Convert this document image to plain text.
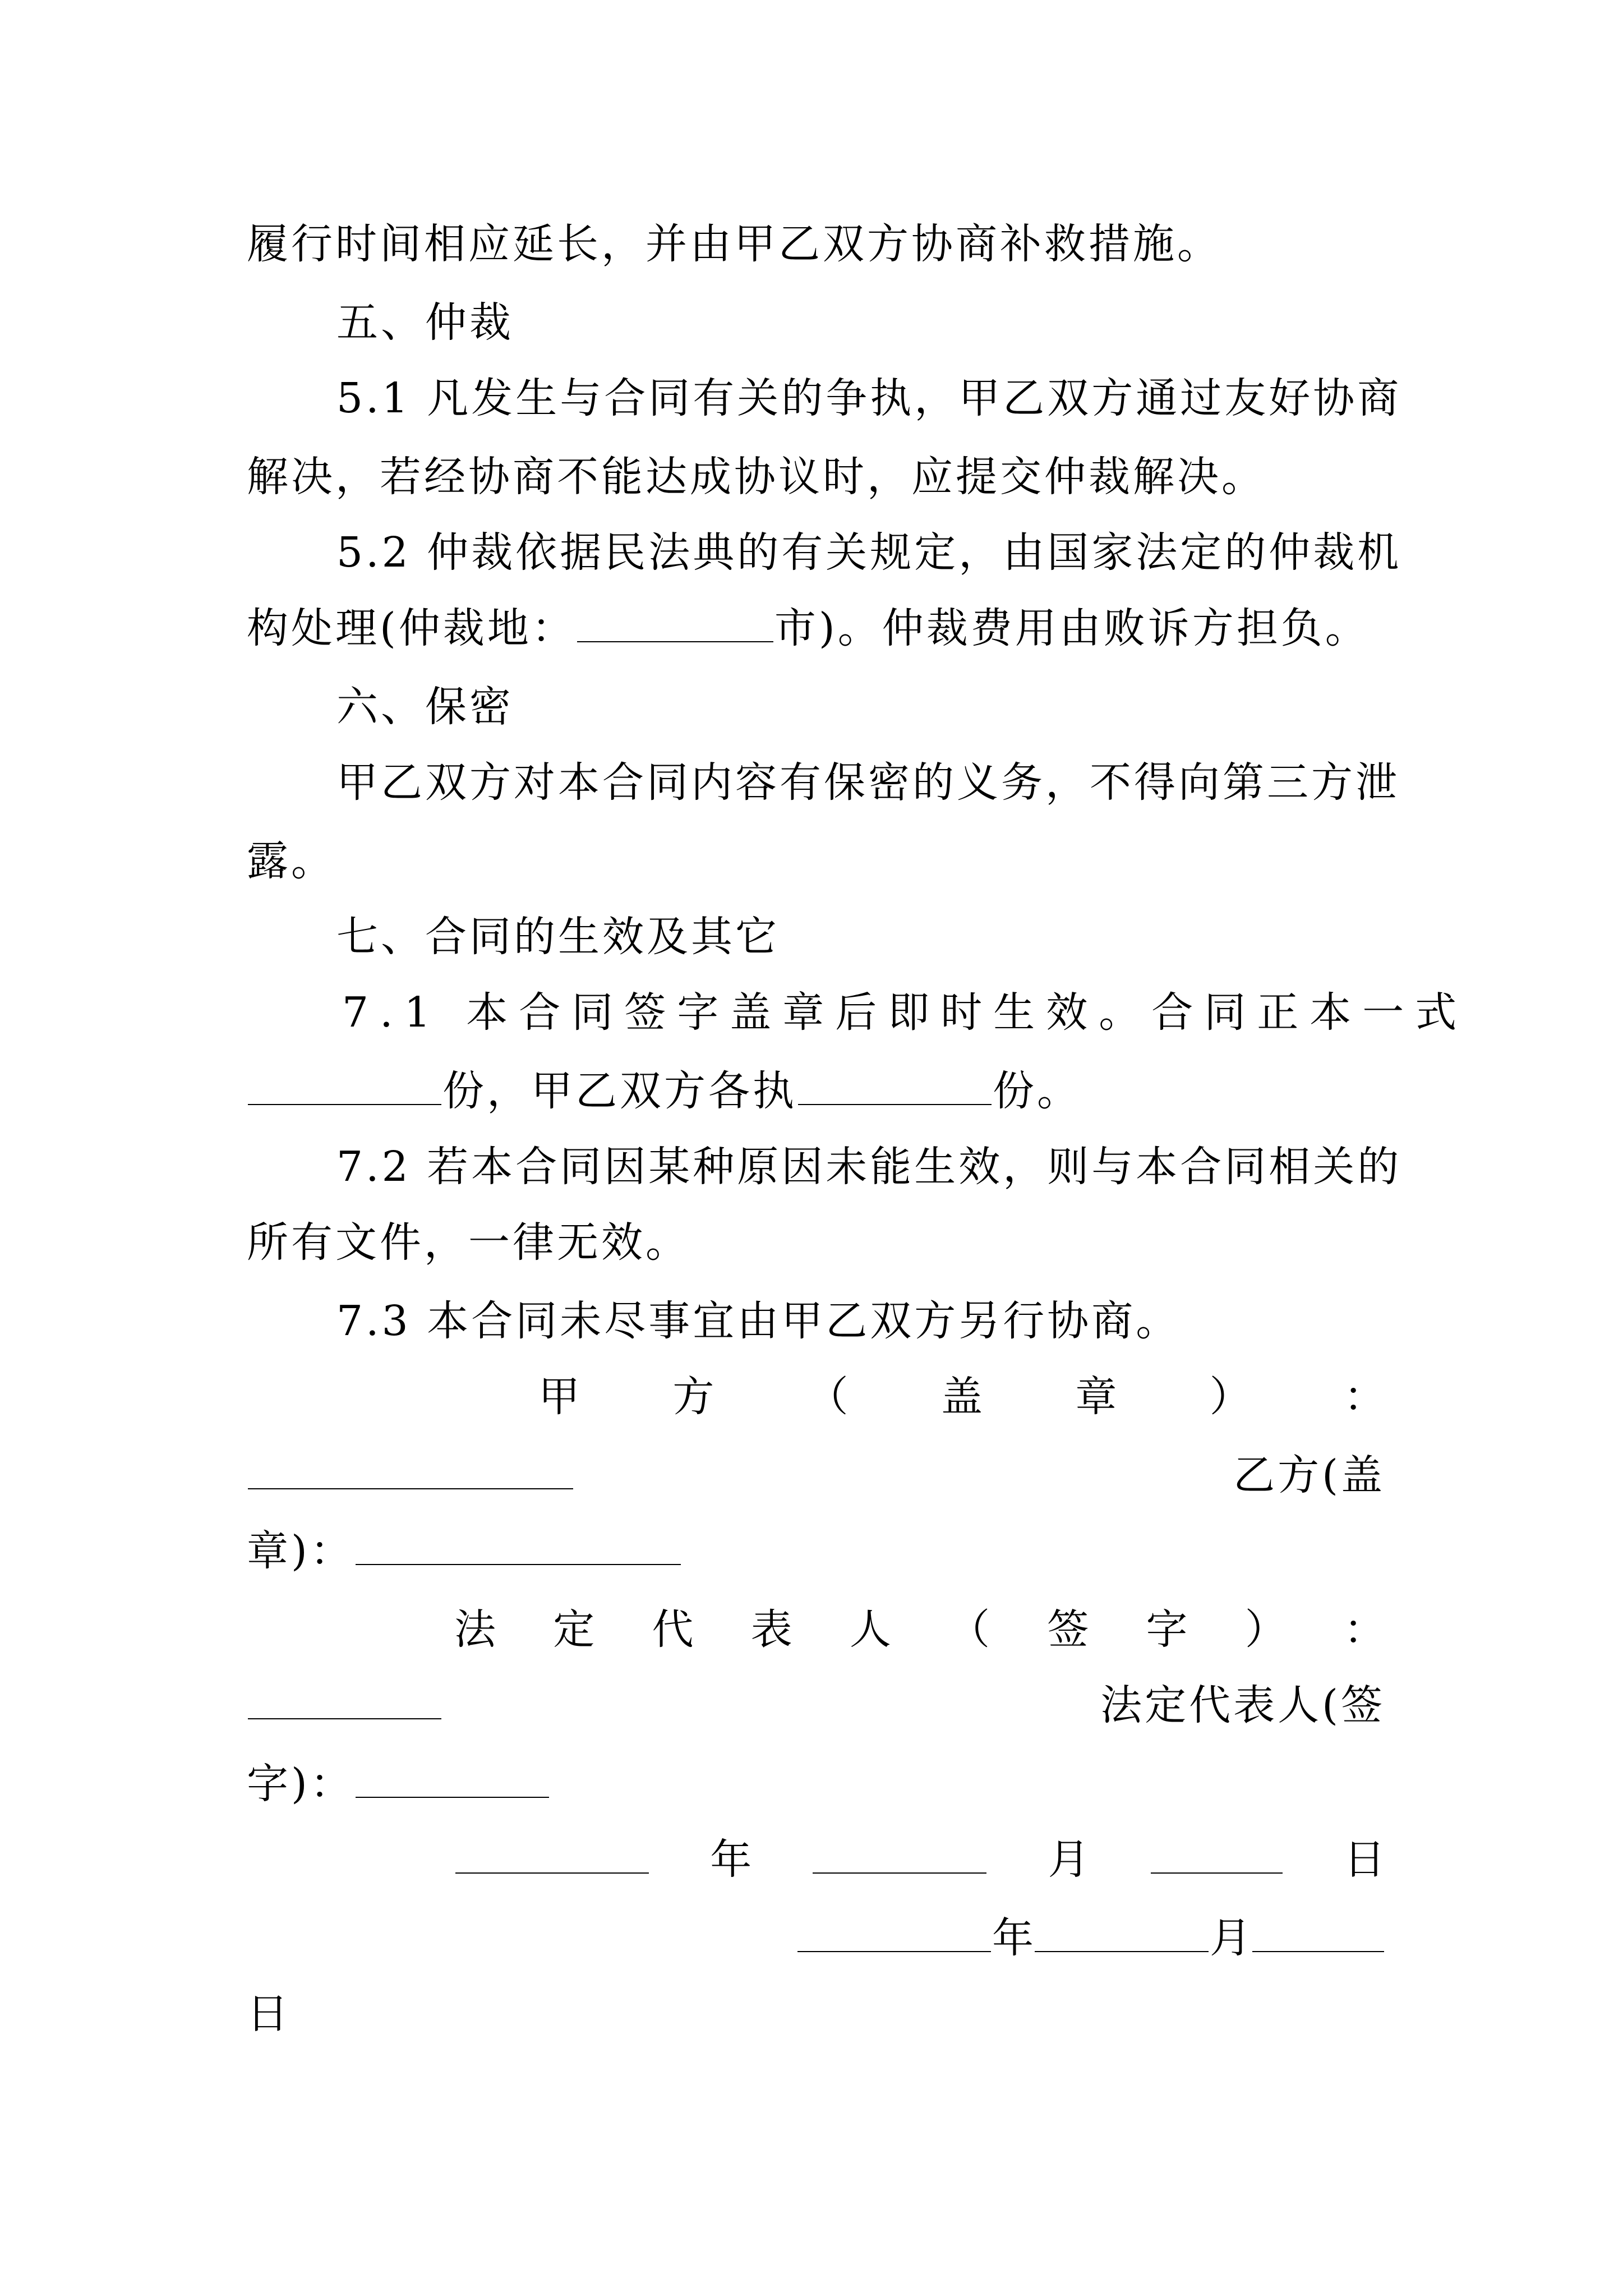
履行时间相应延长，并由甲乙双方协商补救措施。
五、仲裁
5.1 凡发生与合同有关的争执，甲乙双方通过友好协商
解决，若经协商不能达成协议时，应提交仲裁解决。
5.2 仲裁依据民法典的有关规定，由国家法定的仲裁机
构处理(仲裁地：	市)。仲裁费用由败诉方担负。
六、保密
甲乙双方对本合同内容有保密的义务，不得向第三方泄
露。
七、合同的生效及其它
7.1 本合同签字盖章后即时生效。合同正本一式
份，甲乙双方各执	份。
7.2 若本合同因某种原因未能生效，则与本合同相关的
所有文件，一律无效。
7.3 本合同未尽事宜由甲乙双方另行协商。
甲 方 （ 盖 章 ） ：
乙方(盖
章)：
法 定 代 表 人 （ 签 字 ） ：
法定代表人(签
字)：
年	月	日
年	月
日
